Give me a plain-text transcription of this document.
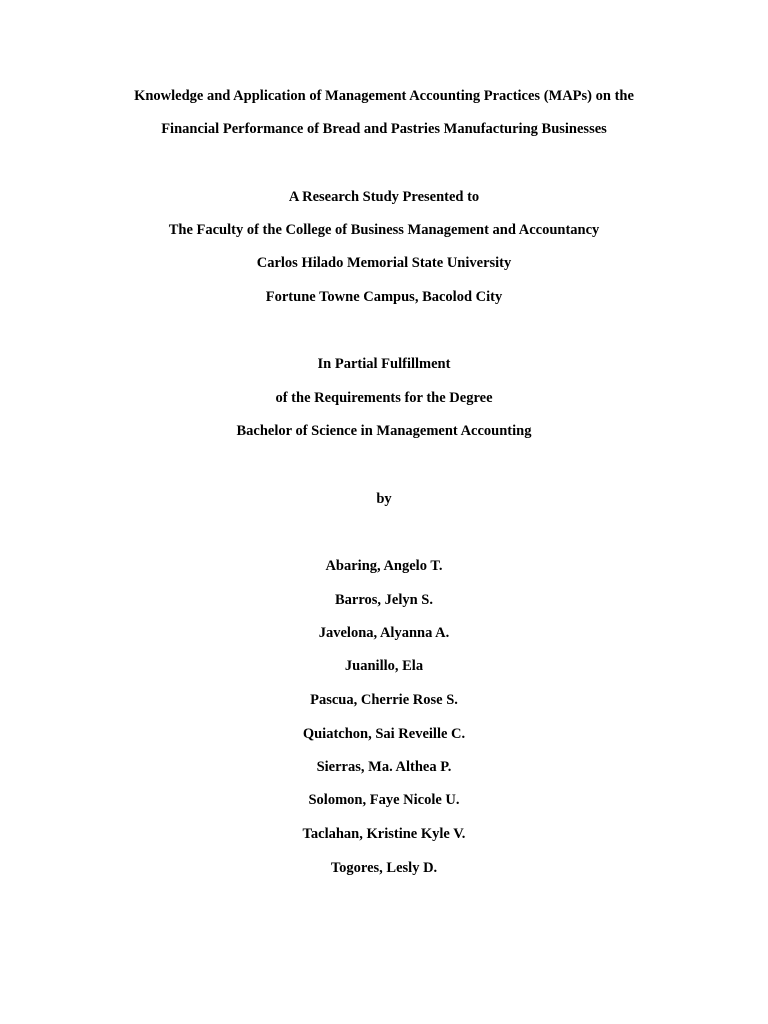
Knowledge and Application of Management Accounting Practices (MAPs) on the
Financial Performance of Bread and Pastries Manufacturing Businesses
A Research Study Presented to
The Faculty of the College of Business Management and Accountancy
Carlos Hilado Memorial State University
Fortune Towne Campus, Bacolod City
In Partial Fulfillment
of the Requirements for the Degree
Bachelor of Science in Management Accounting
by
Abaring, Angelo T.
Barros, Jelyn S.
Javelona, Alyanna A.
Juanillo, Ela
Pascua, Cherrie Rose S.
Quiatchon, Sai Reveille C.
Sierras, Ma. Althea P.
Solomon, Faye Nicole U.
Taclahan, Kristine Kyle V.
Togores, Lesly D.
